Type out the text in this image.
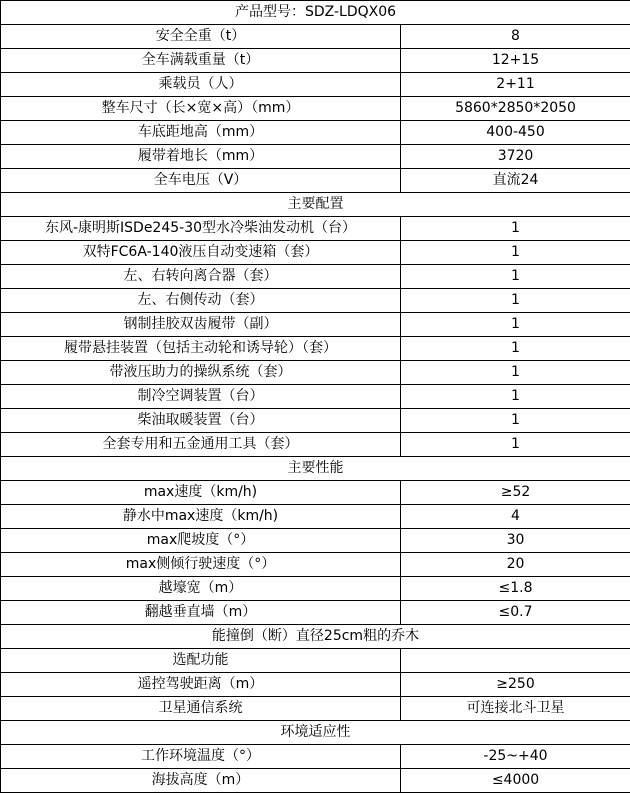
产品型号：SDZ-LDQX06	
安全全重（t）	8
全车满载重量（t）	12+15
乘载员（人）	2+11
整车尺寸（长×宽×高）（mm）	5860*2850*2050
车底距地高（mm）	400-450
履带着地长（mm）	3720
全车电压（V）	直流24
主要配置	
东风-康明斯ISDe245-30型水冷柴油发动机（台）	1
双特FC6A-140液压自动变速箱（套）	1
左、右转向离合器（套）	1
左、右侧传动（套）	1
钢制挂胶双齿履带（副）	1
履带悬挂装置（包括主动轮和诱导轮）（套）	1
带液压助力的操纵系统（套）	1
制冷空调装置（台）	1
柴油取暖装置（台）	1
全套专用和五金通用工具（套）	1
主要性能	
max速度（km/h)	≥52
静水中max速度（km/h)	4
max爬坡度（°）	30
max侧倾行驶速度（°）	20
越壕宽（m）	≤1.8
翻越垂直墙（m）	≤0.7
能撞倒（断）直径25cm粗的乔木	
选配功能	
遥控驾驶距离（m）	≥250
卫星通信系统	可连接北斗卫星
环境适应性	
工作环境温度（°）	-25~+40
海拔高度（m）	≤4000
